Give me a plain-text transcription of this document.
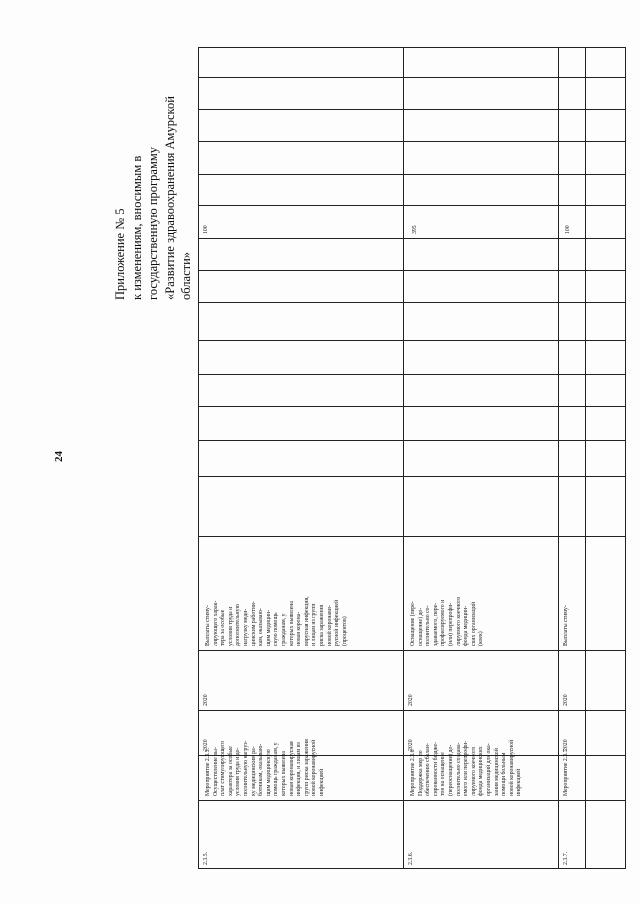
24
Приложение № 5
к изменениям, вносимым в
государственную программу
«Развитие здравоохранения Амурской
области»
2.3.5.
Мероприятие 2.3.5.
Осуществление вы-
плат стимулирующего
характера за особые
условия труда и до-
полнительную нагруз-
ку медицинским ра-
ботникам, оказываю-
щим медицинскую
помощь гражданам, у
которых выявлена
новая коронавирусная
инфекция, и лицам из
групп риска заражения
новой коронавирусной
инфекцией
2020
2020
Выплаты стиму-
лирующего харак-
тера за особые
условия труда и
дополнительную
нагрузку меди-
цинским работни-
кам, оказываю-
щим медицин-
скую помощь
гражданам, у
которых выявлена
новая корона-
вирусная инфекция,
и лицам из групп
риска заражения
новой коронави-
русной инфекцией
(процентов)
100
2.3.6.
Мероприятие 2.3.6
Поддержка мер по
обеспечению сбалан-
сированности бюдже-
тов на оснащение
(переоснащение) до-
полнительно создава-
емого или перепрофи-
лируемого коечного
фонда медицинских
организаций для ока-
зания медицинской
помощи больным
новой коронавирусной
инфекцией
2020
2020
Оснащение (пере-
оснащение) до-
полнительно со-
здаваемого, пере-
профилируемого и
(или) перепрофи-
лируемого коечного
фонда медицин-
ских организаций
(коек)
395
2.3.7.
Мероприятие 2.3.7
2020
2020
Выплаты стиму-
100
